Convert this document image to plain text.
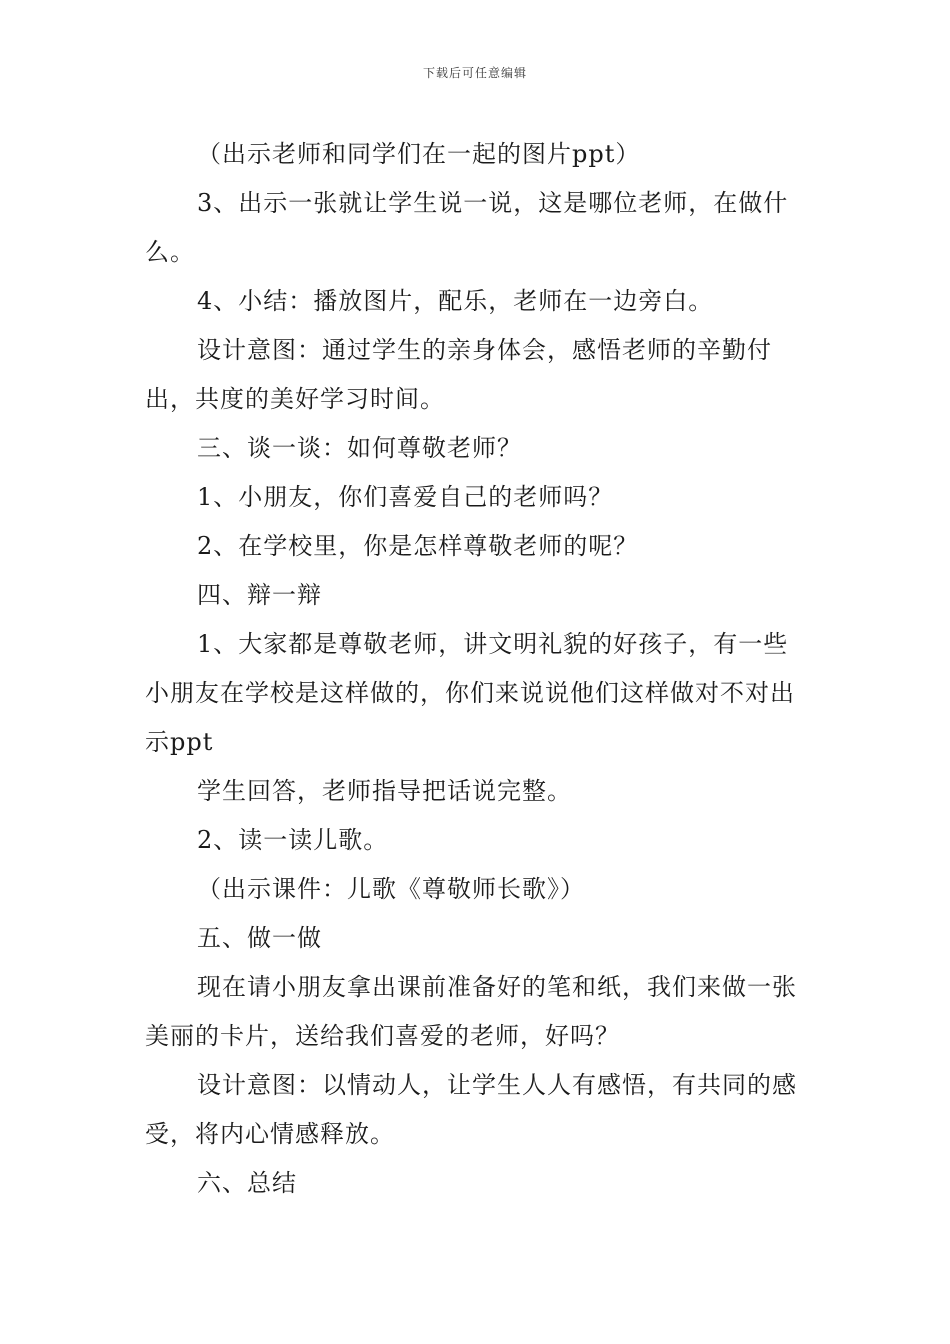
下载后可任意编辑

（出示老师和同学们在一起的图片ppt）

3、出示一张就让学生说一说，这是哪位老师，在做什么。

4、小结：播放图片，配乐，老师在一边旁白。

设计意图：通过学生的亲身体会，感悟老师的辛勤付出，共度的美好学习时间。

三、谈一谈：如何尊敬老师？

1、小朋友，你们喜爱自己的老师吗？

2、在学校里，你是怎样尊敬老师的呢？

四、辩一辩

1、大家都是尊敬老师，讲文明礼貌的好孩子，有一些小朋友在学校是这样做的，你们来说说他们这样做对不对出示ppt

学生回答，老师指导把话说完整。

2、读一读儿歌。

（出示课件：儿歌《尊敬师长歌》）

五、做一做

现在请小朋友拿出课前准备好的笔和纸，我们来做一张美丽的卡片，送给我们喜爱的老师，好吗？

设计意图：以情动人，让学生人人有感悟，有共同的感受，将内心情感释放。

六、总结
